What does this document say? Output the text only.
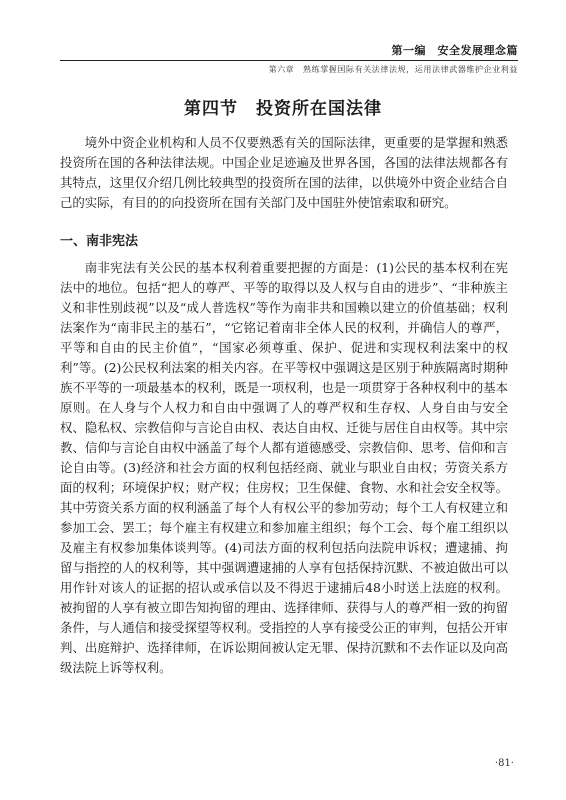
第一编　安全发展理念篇
第六章　熟练掌握国际有关法律法规，运用法律武器维护企业利益
第四节　投资所在国法律

境外中资企业机构和人员不仅要熟悉有关的国际法律，更重要的是掌握和熟悉投资所在国的各种法律法规。中国企业足迹遍及世界各国，各国的法律法规都各有其特点，这里仅介绍几例比较典型的投资所在国的法律，以供境外中资企业结合自己的实际，有目的的向投资所在国有关部门及中国驻外使馆索取和研究。

一、南非宪法

南非宪法有关公民的基本权利着重要把握的方面是：(1)公民的基本权利在宪法中的地位。包括“把人的尊严、平等的取得以及人权与自由的进步”、“非种族主义和非性别歧视”以及“成人普选权”等作为南非共和国赖以建立的价值基础；权利法案作为“南非民主的基石”，“它铭记着南非全体人民的权利，并确信人的尊严，平等和自由的民主价值”，“国家必须尊重、保护、促进和实现权利法案中的权利”等。(2)公民权利法案的相关内容。在平等权中强调这是区别于种族隔离时期种族不平等的一项最基本的权利，既是一项权利，也是一项贯穿于各种权利中的基本原则。在人身与个人权力和自由中强调了人的尊严权和生存权、人身自由与安全权、隐私权、宗教信仰与言论自由权、表达自由权、迁徙与居住自由权等。其中宗教、信仰与言论自由权中涵盖了每个人都有道德感受、宗教信仰、思考、信仰和言论自由等。(3)经济和社会方面的权利包括经商、就业与职业自由权；劳资关系方面的权利；环境保护权；财产权；住房权；卫生保健、食物、水和社会安全权等。其中劳资关系方面的权利涵盖了每个人有权公平的参加劳动；每个工人有权建立和参加工会、罢工；每个雇主有权建立和参加雇主组织；每个工会、每个雇工组织以及雇主有权参加集体谈判等。(4)司法方面的权利包括向法院申诉权；遭逮捕、拘留与指控的人的权利等，其中强调遭逮捕的人享有包括保持沉默、不被迫做出可以用作针对该人的证据的招认或承信以及不得迟于逮捕后48小时送上法庭的权利。被拘留的人享有被立即告知拘留的理由、选择律师、获得与人的尊严相一致的拘留条件，与人通信和接受探望等权利。受指控的人享有接受公正的审判，包括公开审判、出庭辩护、选择律师，在诉讼期间被认定无罪、保持沉默和不去作证以及向高级法院上诉等权利。

·81·
